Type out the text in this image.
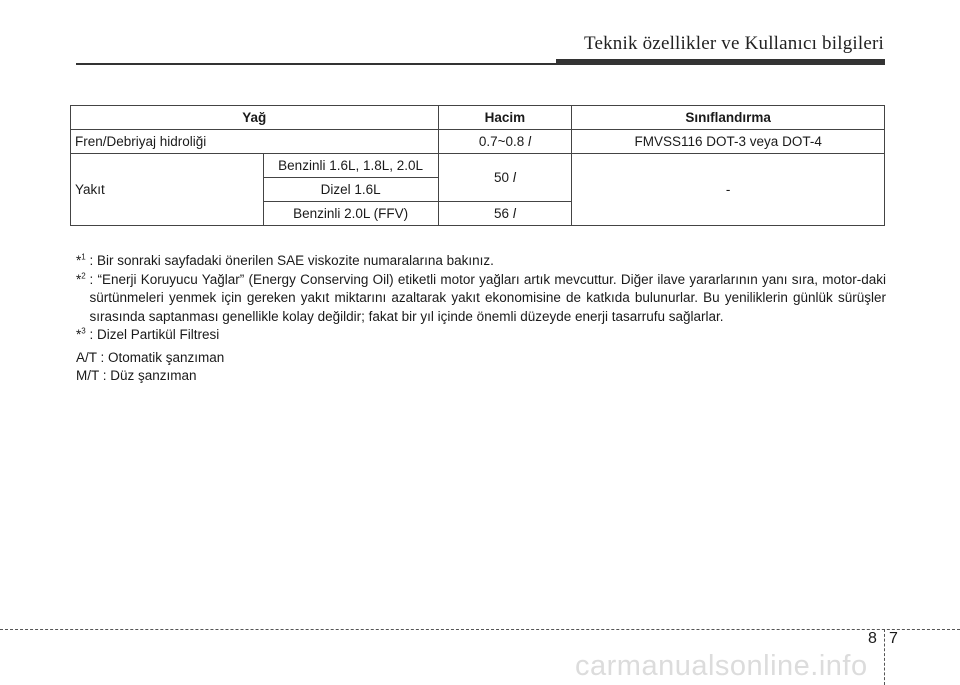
Teknik özellikler ve Kullanıcı bilgileri
Yağ		Hacim	Sınıflandırma
Fren/Debriyaj hidroliği		0.7~0.8 l	FMVSS116 DOT-3 veya DOT-4
Yakıt	Benzinli 1.6L, 1.8L, 2.0L	50 l	-
	Dizel 1.6L		
	Benzinli 2.0L (FFV)	56 l	
*$^1$ : Bir sonraki sayfadaki önerilen SAE viskozite numaralarına bakınız.
*$^2$ : “Enerji Koruyucu Yağlar” (Energy Conserving Oil) etiketli motor yağları artık mevcuttur. Diğer ilave yararlarının yanı sıra, motor-daki sürtünmeleri yenmek için gereken yakıt miktarını azaltarak yakıt ekonomisine de katkıda bulunurlar. Bu yeniliklerin günlük sürüşler sırasında saptanması genellikle kolay değildir; fakat bir yıl içinde önemli düzeyde enerji tasarrufu sağlarlar.
*$^3$ : Dizel Partikül Filtresi
A/T : Otomatik şanzıman
M/T : Düz şanzıman
8 7
carmanualsonline.info
